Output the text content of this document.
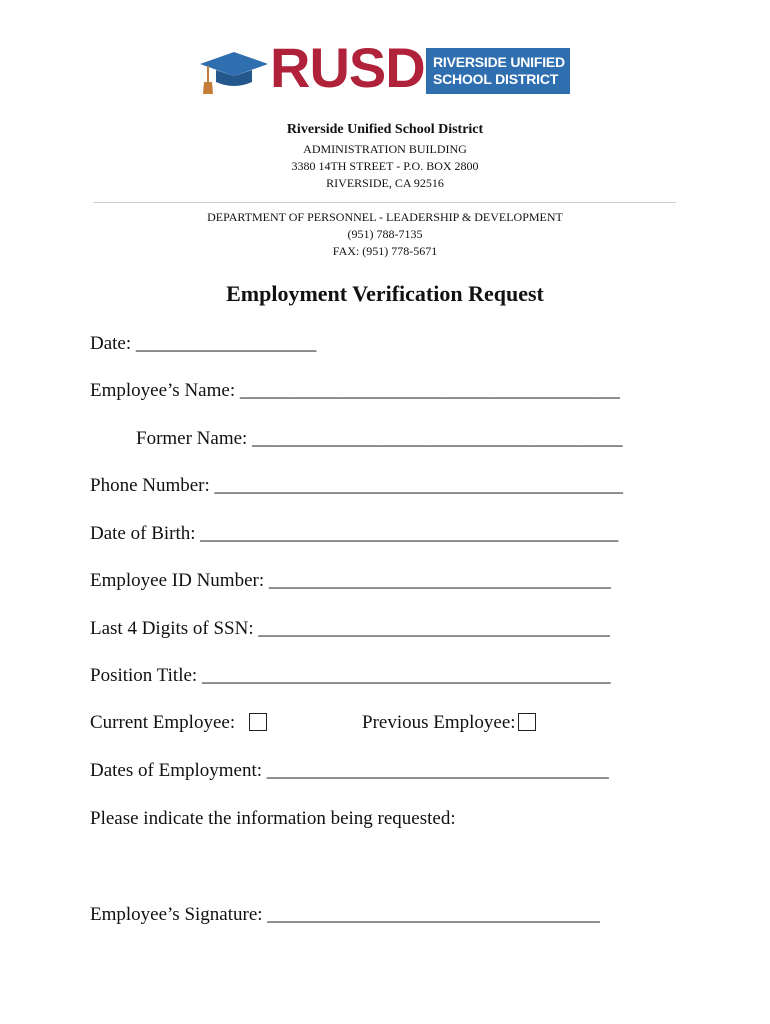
RUSD RIVERSIDE UNIFIED
SCHOOL DISTRICT
Riverside Unified School District
ADMINISTRATION BUILDING
3380 14TH STREET - P.O. BOX 2800
RIVERSIDE, CA 92516
DEPARTMENT OF PERSONNEL - LEADERSHIP & DEVELOPMENT
(951) 788-7135
FAX: (951) 778-5671
Employment Verification Request
Date: ___________________
Employee’s Name: ________________________________________
Former Name: _______________________________________
Phone Number: ___________________________________________
Date of Birth: ____________________________________________
Employee ID Number: ____________________________________
Last 4 Digits of SSN: _____________________________________
Position Title: ___________________________________________
Current Employee:	Previous Employee:
Dates of Employment: ____________________________________
Please indicate the information being requested:
Employee’s Signature: ___________________________________
